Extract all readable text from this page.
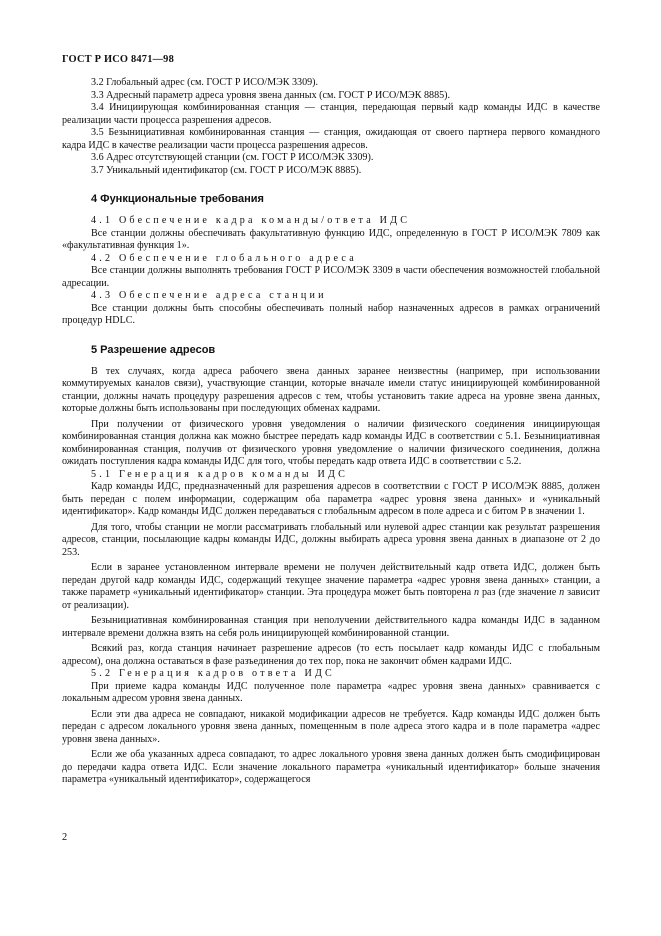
ГОСТ Р ИСО 8471—98

3.2 Глобальный адрес (см. ГОСТ Р ИСО/МЭК 3309).

3.3 Адресный параметр адреса уровня звена данных (см. ГОСТ Р ИСО/МЭК 8885).

3.4 Инициирующая комбинированная станция — станция, передающая первый кадр команды ИДС в качестве реализации части процесса разрешения адресов.

3.5 Безынициативная комбинированная станция — станция, ожидающая от своего партнера первого командного кадра ИДС в качестве реализации части процесса разрешения адресов.

3.6 Адрес отсутствующей станции (см. ГОСТ Р ИСО/МЭК 3309).

3.7 Уникальный идентификатор (см. ГОСТ Р ИСО/МЭК 8885).

4 Функциональные требования

4.1 Обеспечение кадра команды/ответа ИДС

Все станции должны обеспечивать факультативную функцию ИДС, определенную в ГОСТ Р ИСО/МЭК 7809 как «факультативная функция 1».

4.2 Обеспечение глобального адреса

Все станции должны выполнять требования ГОСТ Р ИСО/МЭК 3309 в части обеспечения возможностей глобальной адресации.

4.3 Обеспечение адреса станции

Все станции должны быть способны обеспечивать полный набор назначенных адресов в рамках ограничений процедур HDLC.

5 Разрешение адресов

В тех случаях, когда адреса рабочего звена данных заранее неизвестны (например, при использовании коммутируемых каналов связи), участвующие станции, которые вначале имели статус инициирующей комбинированной станции, должны начать процедуру разрешения адресов с тем, чтобы установить такие адреса на уровне звена данных, которые должны быть использованы при последующих обменах кадрами.

При получении от физического уровня уведомления о наличии физического соединения инициирующая комбинированная станция должна как можно быстрее передать кадр команды ИДС в соответствии с 5.1. Безынициативная комбинированная станция, получив от физического уровня уведомление о наличии физического соединения, должна ожидать поступления кадра команды ИДС для того, чтобы передать кадр ответа ИДС в соответствии с 5.2.

5.1 Генерация кадров команды ИДС

Кадр команды ИДС, предназначенный для разрешения адресов в соответствии с ГОСТ Р ИСО/МЭК 8885, должен быть передан с полем информации, содержащим оба параметра «адрес уровня звена данных» и «уникальный идентификатор». Кадр команды ИДС должен передаваться с глобальным адресом в поле адреса и с битом P в значении 1.

Для того, чтобы станции не могли рассматривать глобальный или нулевой адрес станции как результат разрешения адресов, станции, посылающие кадры команды ИДС, должны выбирать адреса уровня звена данных в диапазоне от 2 до 253.

Если в заранее установленном интервале времени не получен действительный кадр ответа ИДС, должен быть передан другой кадр команды ИДС, содержащий текущее значение параметра «адрес уровня звена данных» станции, а также параметр «уникальный идентификатор» станции. Эта процедура может быть повторена n раз (где значение n зависит от реализации).

Безынициативная комбинированная станция при неполучении действительного кадра команды ИДС в заданном интервале времени должна взять на себя роль инициирующей комбинированной станции.

Всякий раз, когда станция начинает разрешение адресов (то есть посылает кадр команды ИДС с глобальным адресом), она должна оставаться в фазе разъединения до тех пор, пока не закончит обмен кадрами ИДС.

5.2 Генерация кадров ответа ИДС

При приеме кадра команды ИДС полученное поле параметра «адрес уровня звена данных» сравнивается с локальным адресом уровня звена данных.

Если эти два адреса не совпадают, никакой модификации адресов не требуется. Кадр команды ИДС должен быть передан с адресом локального уровня звена данных, помещенным в поле адреса этого кадра и в поле параметра «адрес уровня звена данных».

Если же оба указанных адреса совпадают, то адрес локального уровня звена данных должен быть смодифицирован до передачи кадра ответа ИДС. Если значение локального параметра «уникальный идентификатор» больше значения параметра «уникальный идентификатор», содержащегося

2
